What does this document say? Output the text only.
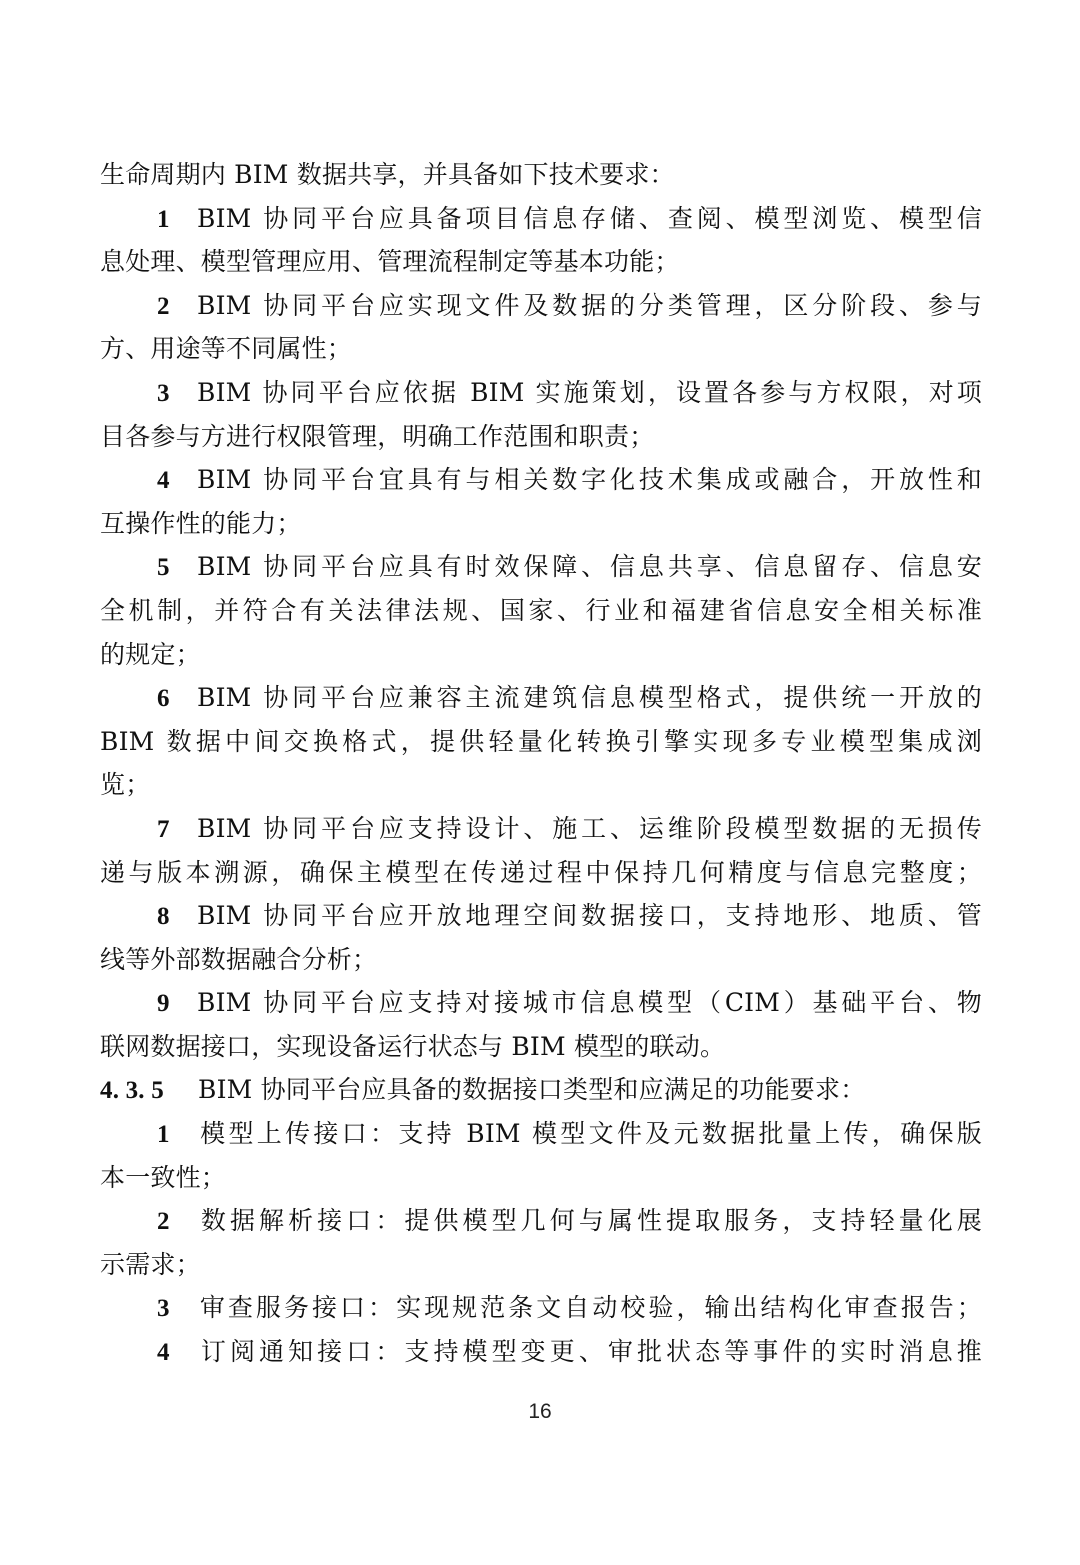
生命周期内 BIM 数据共享，并具备如下技术要求：
1 BIM 协同平台应具备项目信息存储、查阅、模型浏览、模型信
息处理、模型管理应用、管理流程制定等基本功能；
2 BIM 协同平台应实现文件及数据的分类管理，区分阶段、参与
方、用途等不同属性；
3 BIM 协同平台应依据 BIM 实施策划，设置各参与方权限，对项
目各参与方进行权限管理，明确工作范围和职责；
4 BIM 协同平台宜具有与相关数字化技术集成或融合，开放性和
互操作性的能力；
5 BIM 协同平台应具有时效保障、信息共享、信息留存、信息安
全机制，并符合有关法律法规、国家、行业和福建省信息安全相关标准
的规定；
6 BIM 协同平台应兼容主流建筑信息模型格式，提供统一开放的
BIM 数据中间交换格式，提供轻量化转换引擎实现多专业模型集成浏
览；
7 BIM 协同平台应支持设计、施工、运维阶段模型数据的无损传
递与版本溯源，确保主模型在传递过程中保持几何精度与信息完整度；
8 BIM 协同平台应开放地理空间数据接口，支持地形、地质、管
线等外部数据融合分析；
9 BIM 协同平台应支持对接城市信息模型（CIM）基础平台、物
联网数据接口，实现设备运行状态与 BIM 模型的联动。
4. 3. 5 BIM 协同平台应具备的数据接口类型和应满足的功能要求：
1 模型上传接口：支持 BIM 模型文件及元数据批量上传，确保版
本一致性；
2 数据解析接口：提供模型几何与属性提取服务，支持轻量化展
示需求；
3 审查服务接口：实现规范条文自动校验，输出结构化审查报告；
4 订阅通知接口：支持模型变更、审批状态等事件的实时消息推
16
